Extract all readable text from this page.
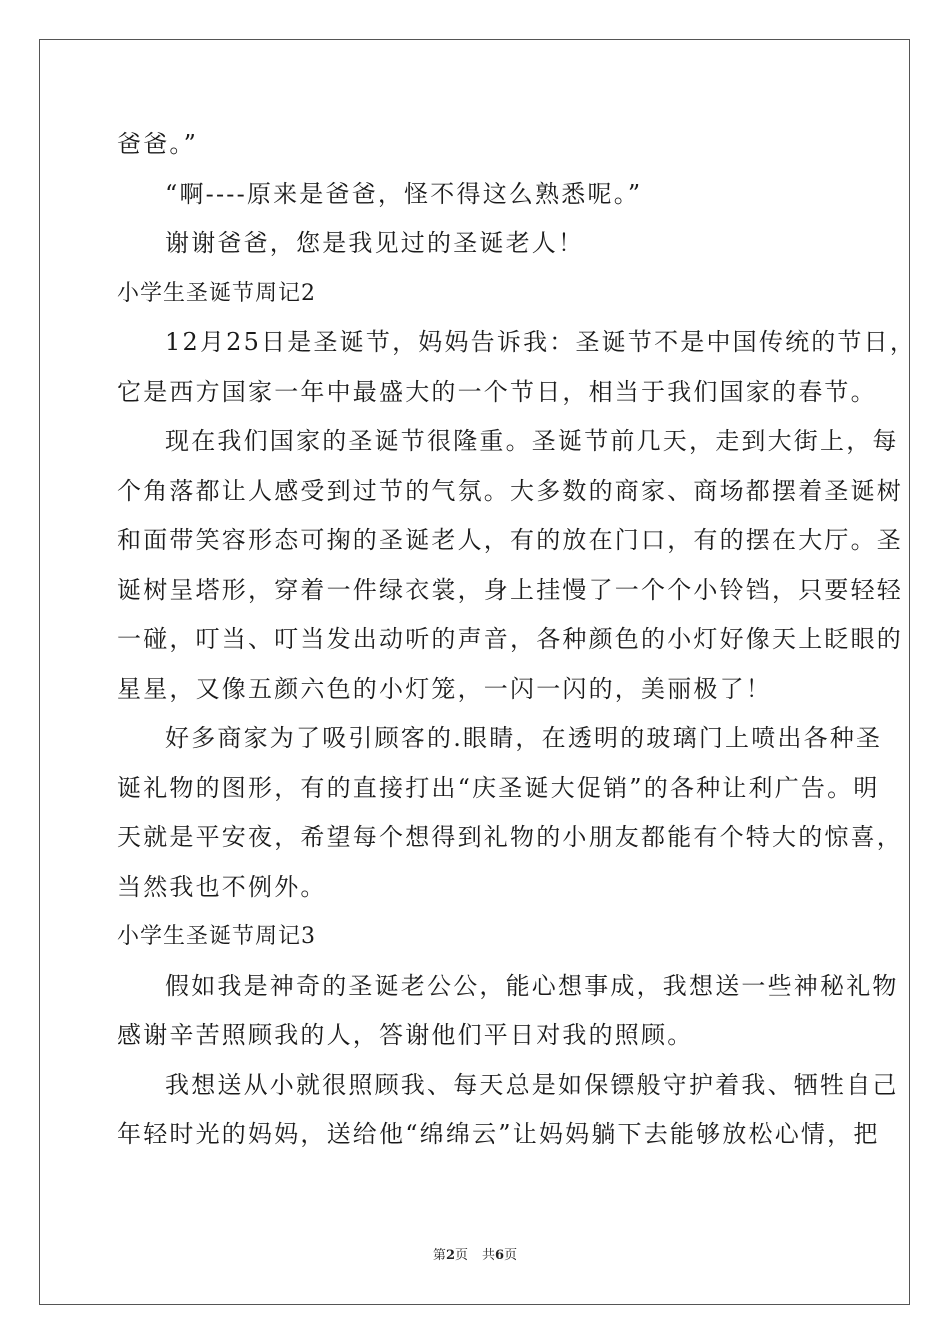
爸爸。”
“啊----原来是爸爸，怪不得这么熟悉呢。”
谢谢爸爸，您是我见过的圣诞老人！
小学生圣诞节周记2
12月25日是圣诞节，妈妈告诉我：圣诞节不是中国传统的节日，
它是西方国家一年中最盛大的一个节日，相当于我们国家的春节。
现在我们国家的圣诞节很隆重。圣诞节前几天，走到大街上，每
个角落都让人感受到过节的气氛。大多数的商家、商场都摆着圣诞树
和面带笑容形态可掬的圣诞老人，有的放在门口，有的摆在大厅。圣
诞树呈塔形，穿着一件绿衣裳，身上挂慢了一个个小铃铛，只要轻轻
一碰，叮当、叮当发出动听的声音，各种颜色的小灯好像天上眨眼的
星星，又像五颜六色的小灯笼，一闪一闪的，美丽极了！
好多商家为了吸引顾客的.眼睛，在透明的玻璃门上喷出各种圣
诞礼物的图形，有的直接打出“庆圣诞大促销”的各种让利广告。明
天就是平安夜，希望每个想得到礼物的小朋友都能有个特大的惊喜，
当然我也不例外。
小学生圣诞节周记3
假如我是神奇的圣诞老公公，能心想事成，我想送一些神秘礼物
感谢辛苦照顾我的人，答谢他们平日对我的照顾。
我想送从小就很照顾我、每天总是如保镖般守护着我、牺牲自己
年轻时光的妈妈，送给他“绵绵云”让妈妈躺下去能够放松心情，把
第2页 共6页
